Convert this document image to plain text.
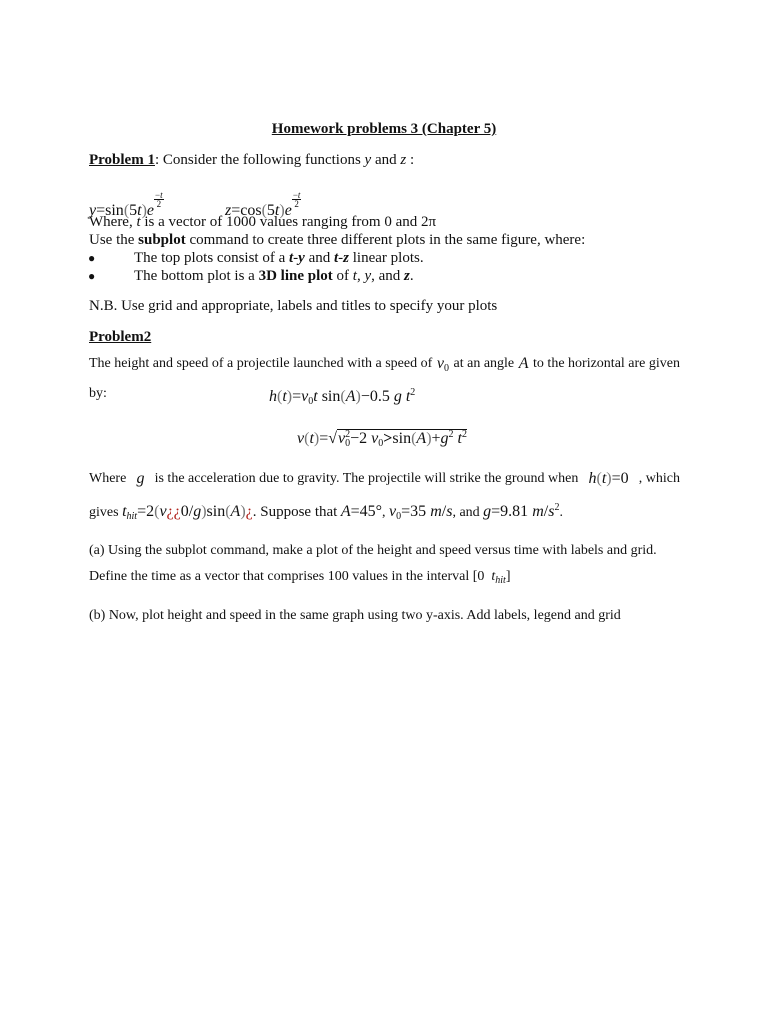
Homework problems 3 (Chapter 5)
Problem 1: Consider the following functions y and z :
y=sin(5t)e
$\frac{-t}{2}$
z=cos(5t)e
$\frac{-t}{2}$
Where, t is a vector of 1000 values ranging from 0 and 2π
Use the subplot command to create three different plots in the same figure, where:
●	The top plots consist of a t-y and t-z linear plots.
●	The bottom plot is a 3D line plot of t, y, and z.
N.B. Use grid and appropriate, labels and titles to specify your plots
Problem2
The height and speed of a projectile launched with a speed of $v_0$ at an angle A to the horizontal are given
by:	$h(t)=v_0t$ sin(A)−0.5 g $t^2$
$v(t)=√v^2_0-2$ $v_0>\sin(A)+g^2$ $t^2$
Where g is the acceleration due to gravity. The projectile will strike the ground when h(t)=0 , which
gives $t_{hit}=2(v¿¿0/g)\sin(A)¿$. Suppose that A=45°, $v_0=35$ m/s, and g=9.81 $m/s^2$.
(a) Using the subplot command, make a plot of the height and speed versus time with labels and grid.
Define the time as a vector that comprises 100 values in the interval [0 $t_{hit}$]
(b) Now, plot height and speed in the same graph using two y-axis. Add labels, legend and grid
